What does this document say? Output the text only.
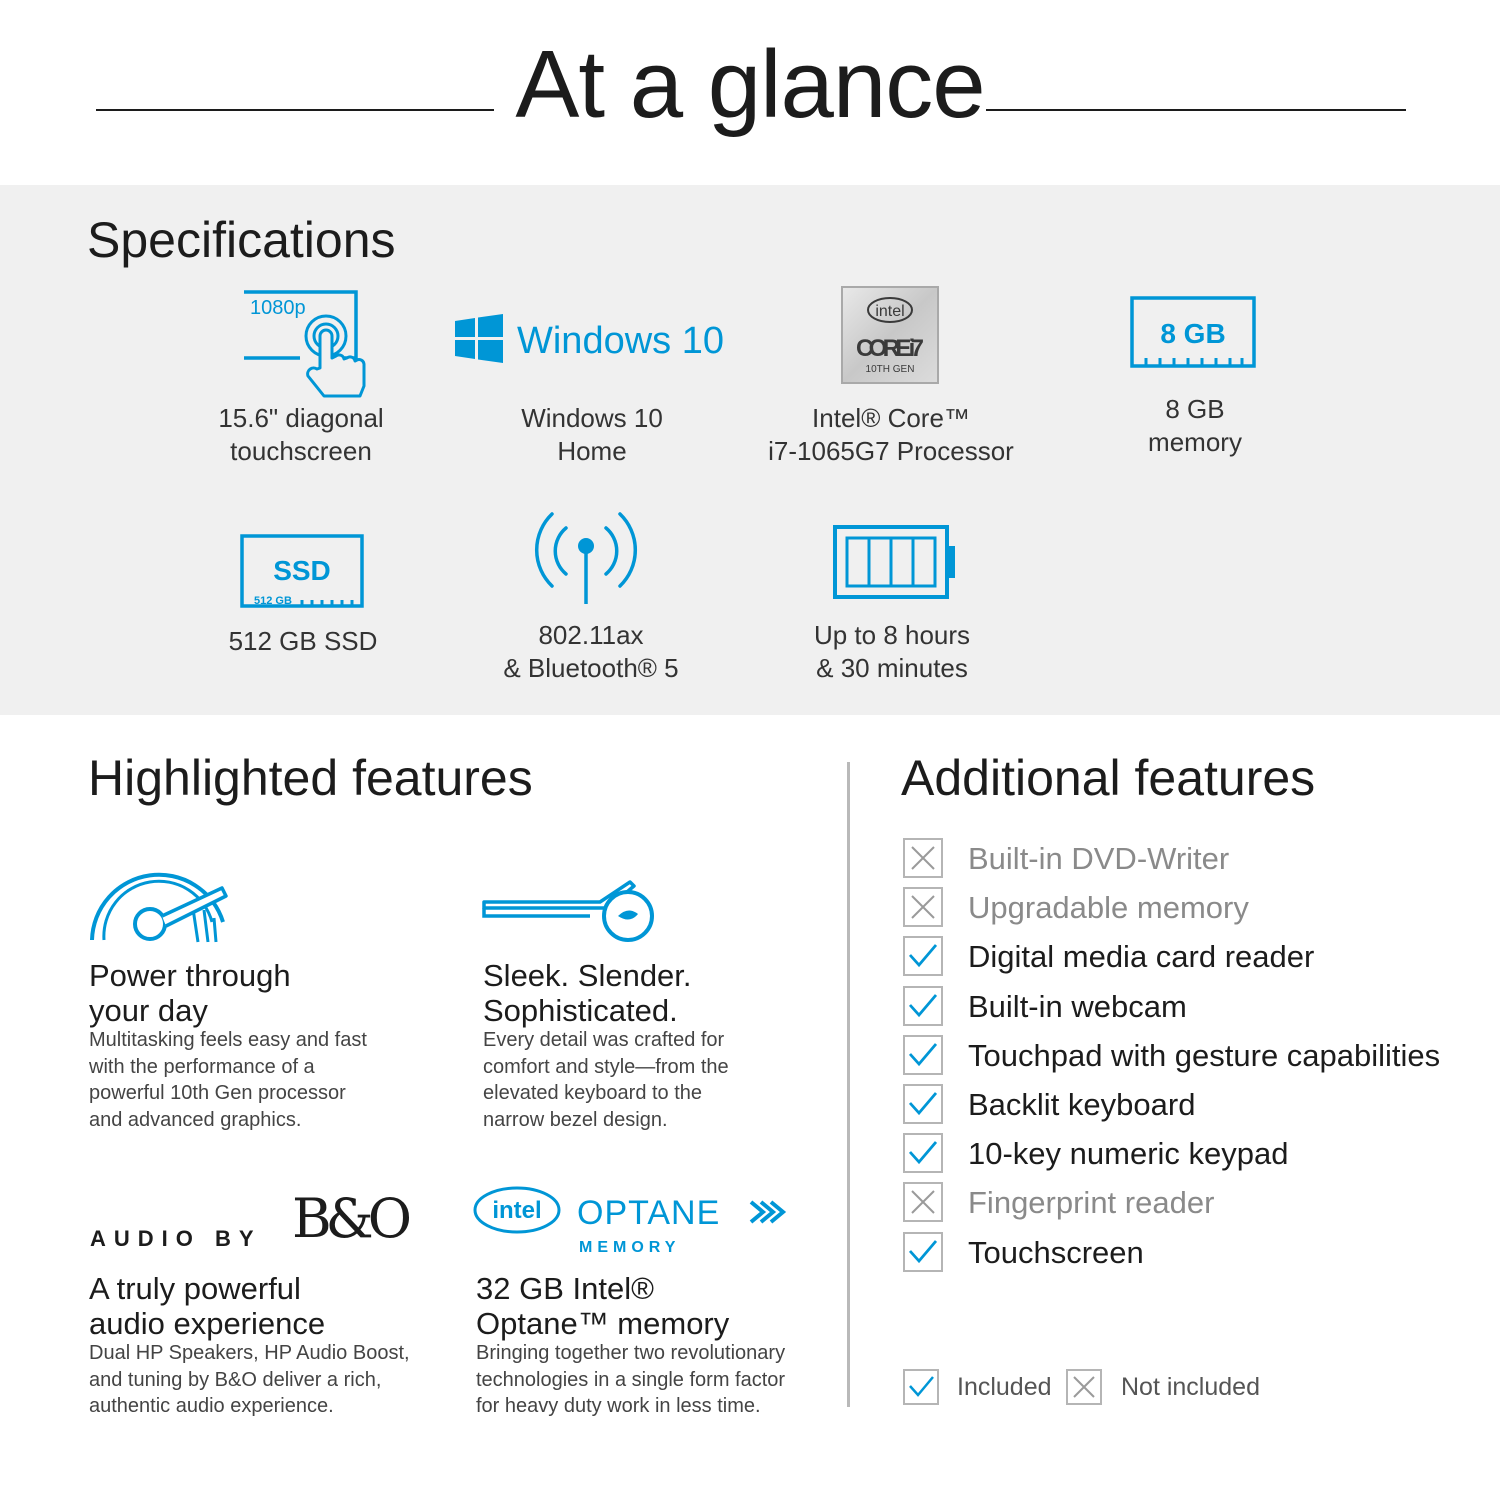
At a glance
Specifications
1080p
15.6" diagonal
touchscreen
Windows 10
Windows 10
Home
intel
CORE i7
10TH GEN
Intel® Core™
i7-1065G7 Processor
8 GB
8 GB
memory
SSD
512 GB
512 GB SSD	802.11ax
& Bluetooth® 5
Up to 8 hours
& 30 minutes
Highlighted features
Power through
your day
Multitasking feels easy and fast
with the performance of a
powerful 10th Gen processor
and advanced graphics.
Sleek. Slender.
Sophisticated.
Every detail was crafted for
comfort and style—from the
elevated keyboard to the
narrow bezel design.
AUDIO BY B&O
A truly powerful
audio experience
Dual HP Speakers, HP Audio Boost,
and tuning by B&O deliver a rich,
authentic audio experience.
intel OPTANE
MEMORY
32 GB Intel®
Optane™ memory
Bringing together two revolutionary
technologies in a single form factor
for heavy duty work in less time.
Additional features
Built-in DVD-Writer
Upgradable memory
Digital media card reader
Built-in webcam
Touchpad with gesture capabilities
Backlit keyboard
10-key numeric keypad
Fingerprint reader
Touchscreen
Included	Not included
